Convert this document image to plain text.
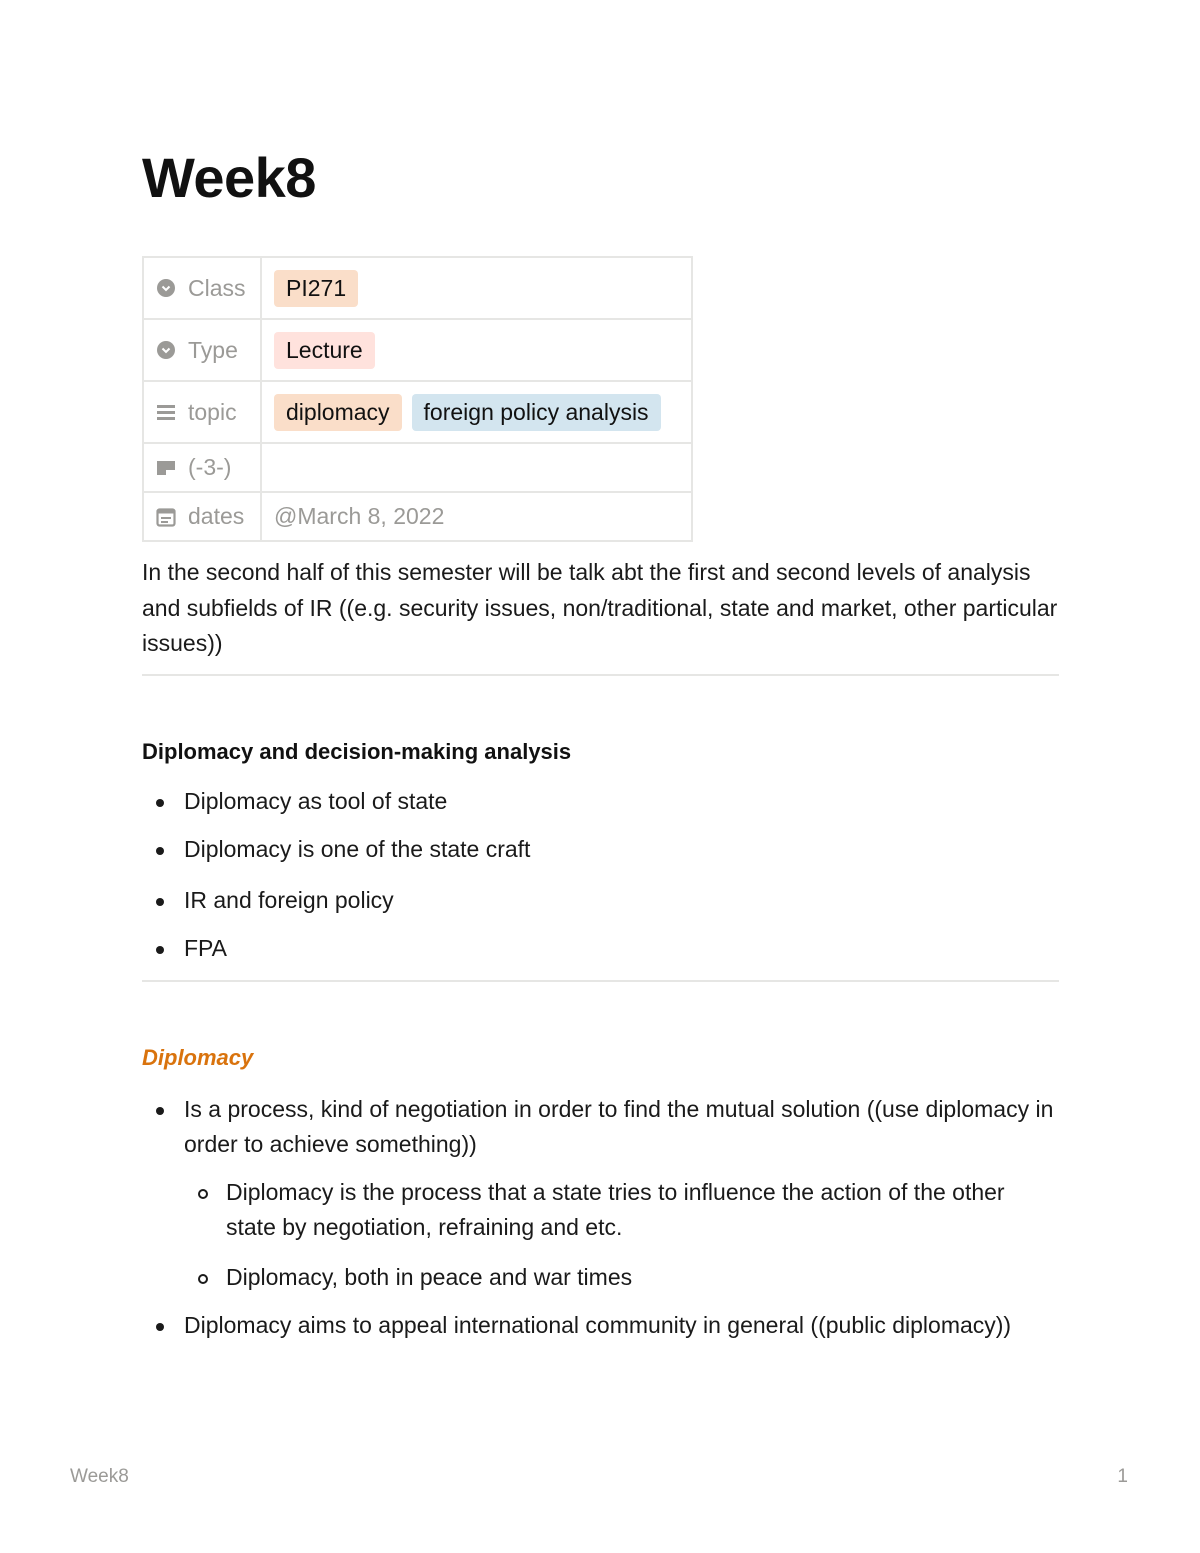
Week8
Class	PI271

Type	Lecture

topic	diplomacy foreign policy analysis

(-3-)	

dates	@March 8, 2022

In the second half of this semester will be talk abt the first and second levels of analysis and subfields of IR ((e.g. security issues, non/traditional, state and market, other particular issues))

Diplomacy and decision-making analysis
Diplomacy as tool of state
Diplomacy is one of the state craft
IR and foreign policy
FPA
Diplomacy
Is a process, kind of negotiation in order to find the mutual solution ((use diplomacy in order to achieve something))
Diplomacy is the process that a state tries to influence the action of the other state by negotiation, refraining and etc.
Diplomacy, both in peace and war times
Diplomacy aims to appeal international community in general ((public diplomacy))
Week8	1
